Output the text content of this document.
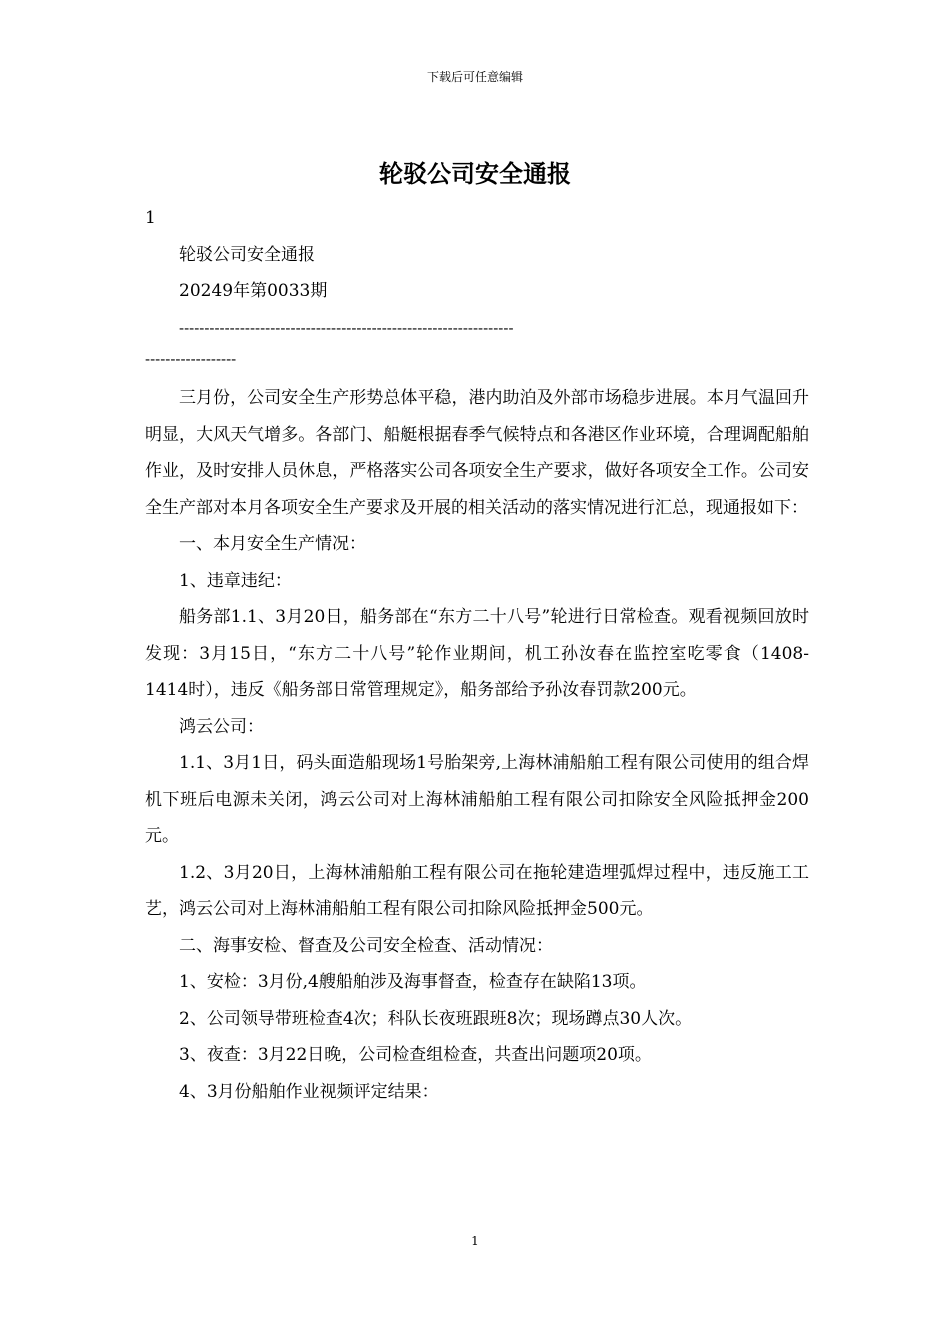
下载后可任意编辑
轮驳公司安全通报
1
轮驳公司安全通报
20249年第0033期
------------------------------------------------------------------
------------------
三月份，公司安全生产形势总体平稳，港内助泊及外部市场稳步进展。本月气温回升明显，大风天气增多。各部门、船艇根据春季气候特点和各港区作业环境，合理调配船舶作业，及时安排人员休息，严格落实公司各项安全生产要求，做好各项安全工作。公司安全生产部对本月各项安全生产要求及开展的相关活动的落实情况进行汇总，现通报如下：
一、本月安全生产情况：
1、违章违纪：
船务部1.1、3月20日，船务部在“东方二十八号”轮进行日常检查。观看视频回放时发现：3月15日，“东方二十八号”轮作业期间，机工孙汝春在监控室吃零食（1408-1414时），违反《船务部日常管理规定》，船务部给予孙汝春罚款200元。
鸿云公司：
1.1、3月1日，码头面造船现场1号胎架旁,上海林浦船舶工程有限公司使用的组合焊机下班后电源未关闭，鸿云公司对上海林浦船舶工程有限公司扣除安全风险抵押金200元。
1.2、3月20日，上海林浦船舶工程有限公司在拖轮建造埋弧焊过程中，违反施工工艺，鸿云公司对上海林浦船舶工程有限公司扣除风险抵押金500元。
二、海事安检、督查及公司安全检查、活动情况：
1、安检：3月份,4艘船舶涉及海事督查，检查存在缺陷13项。
2、公司领导带班检查4次；科队长夜班跟班8次；现场蹲点30人次。
3、夜查：3月22日晚，公司检查组检查，共查出问题项20项。
4、3月份船舶作业视频评定结果：
1
